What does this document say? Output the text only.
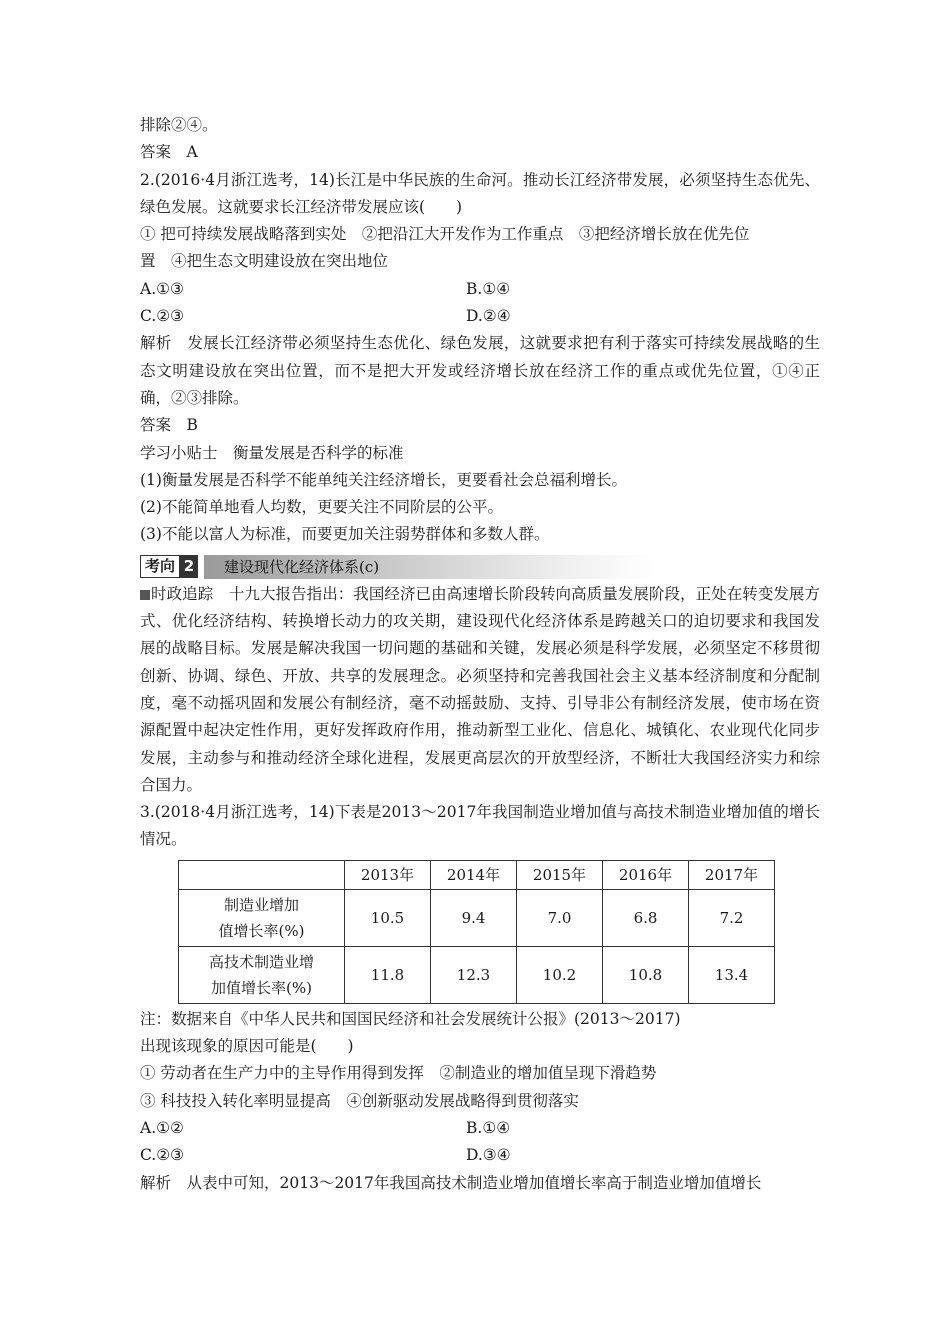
排除②④。
答案　A
2.(2016·4月浙江选考，14)长江是中华民族的生命河。推动长江经济带发展，必须坚持生态优先、绿色发展。这就要求长江经济带发展应该(　　)
① 把可持续发展战略落到实处　②把沿江大开发作为工作重点　③把经济增长放在优先位
置　④把生态文明建设放在突出地位
A.①③	B.①④
C.②③	D.②④
解析　发展长江经济带必须坚持生态优化、绿色发展，这就要求把有利于落实可持续发展战略的生态文明建设放在突出位置，而不是把大开发或经济增长放在经济工作的重点或优先位置，①④正确，②③排除。
答案　B
学习小贴士　衡量发展是否科学的标准
(1)衡量发展是否科学不能单纯关注经济增长，更要看社会总福利增长。
(2)不能简单地看人均数，更要关注不同阶层的公平。
(3)不能以富人为标准，而要更加关注弱势群体和多数人群。
考向 2 建设现代化经济体系(c)
时政追踪　十九大报告指出：我国经济已由高速增长阶段转向高质量发展阶段，正处在转变发展方式、优化经济结构、转换增长动力的攻关期，建设现代化经济体系是跨越关口的迫切要求和我国发展的战略目标。发展是解决我国一切问题的基础和关键，发展必须是科学发展，必须坚定不移贯彻创新、协调、绿色、开放、共享的发展理念。必须坚持和完善我国社会主义基本经济制度和分配制度，毫不动摇巩固和发展公有制经济，毫不动摇鼓励、支持、引导非公有制经济发展，使市场在资源配置中起决定性作用，更好发挥政府作用，推动新型工业化、信息化、城镇化、农业现代化同步发展，主动参与和推动经济全球化进程，发展更高层次的开放型经济，不断壮大我国经济实力和综合国力。
3.(2018·4月浙江选考，14)下表是2013～2017年我国制造业增加值与高技术制造业增加值的增长情况。
	2013年	2014年	2015年	2016年	2017年

制造业增加
值增长率(%)	10.5	9.4	7.0	6.8	7.2

高技术制造业增
加值增长率(%)	11.8	12.3	10.2	10.8	13.4
注：数据来自《中华人民共和国国民经济和社会发展统计公报》(2013～2017)
出现该现象的原因可能是(　　)
① 劳动者在生产力中的主导作用得到发挥　②制造业的增加值呈现下滑趋势
③ 科技投入转化率明显提高　④创新驱动发展战略得到贯彻落实
A.①②	B.①④
C.②③	D.③④
解析　从表中可知，2013～2017年我国高技术制造业增加值增长率高于制造业增加值增长
